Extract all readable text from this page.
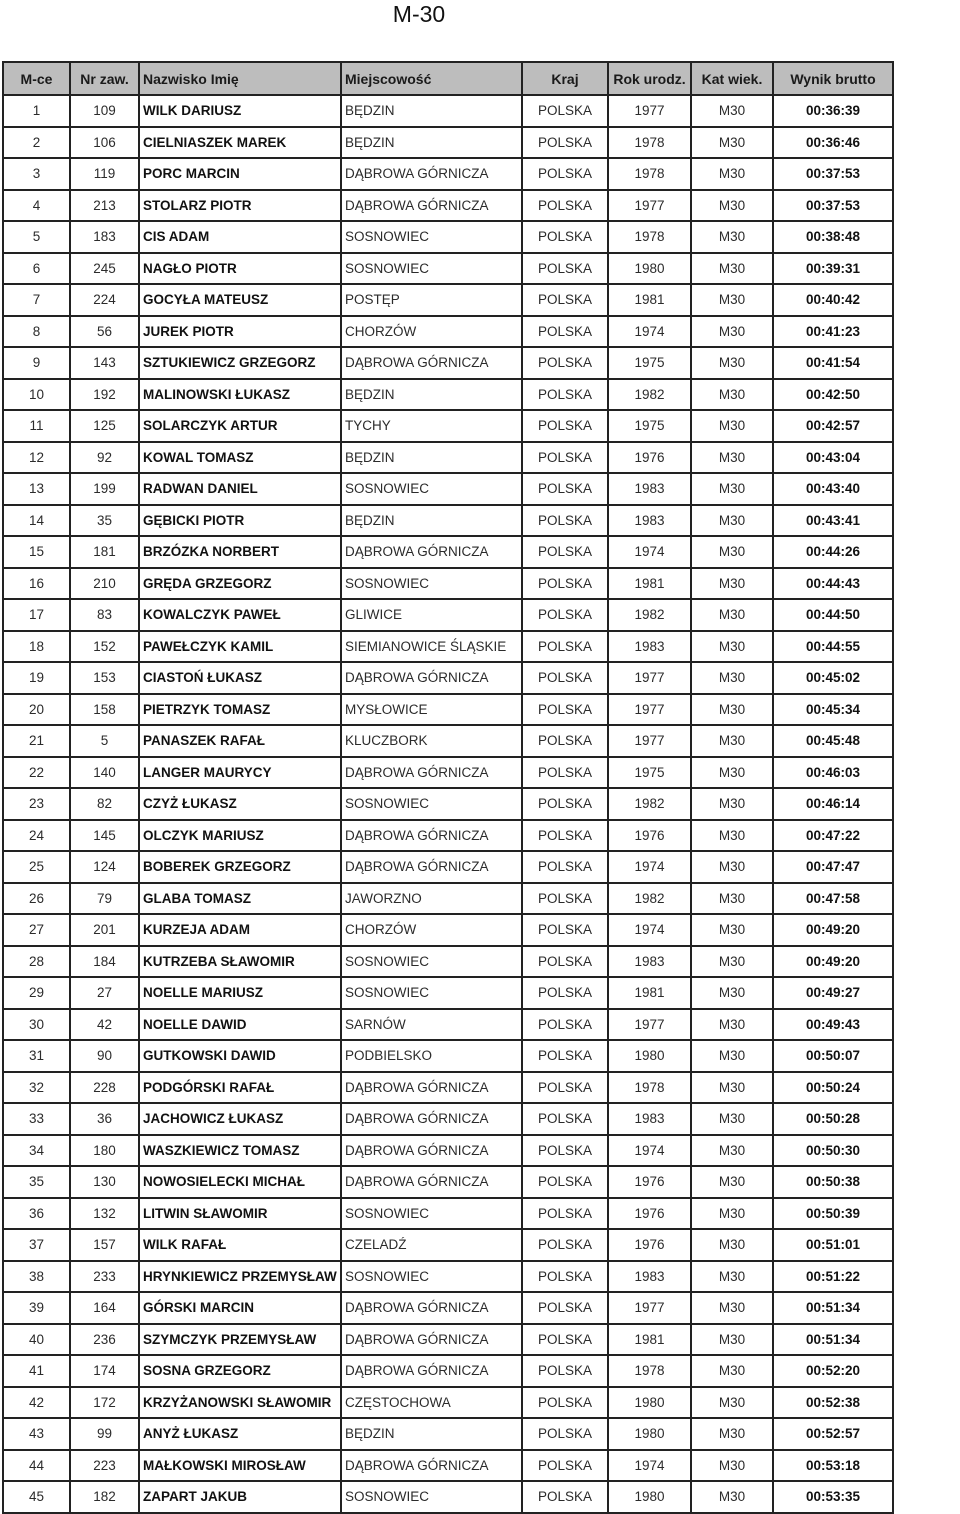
M-30
M-ce	Nr zaw.	Nazwisko Imię	Miejscowość	Kraj	Rok urodz.	Kat wiek.	Wynik brutto
1	109	WILK DARIUSZ	BĘDZIN	POLSKA	1977	M30	00:36:39
2	106	CIELNIASZEK MAREK	BĘDZIN	POLSKA	1978	M30	00:36:46
3	119	PORC MARCIN	DĄBROWA GÓRNICZA	POLSKA	1978	M30	00:37:53
4	213	STOLARZ PIOTR	DĄBROWA GÓRNICZA	POLSKA	1977	M30	00:37:53
5	183	CIS ADAM	SOSNOWIEC	POLSKA	1978	M30	00:38:48
6	245	NAGŁO PIOTR	SOSNOWIEC	POLSKA	1980	M30	00:39:31
7	224	GOCYŁA MATEUSZ	POSTĘP	POLSKA	1981	M30	00:40:42
8	56	JUREK PIOTR	CHORZÓW	POLSKA	1974	M30	00:41:23
9	143	SZTUKIEWICZ GRZEGORZ	DĄBROWA GÓRNICZA	POLSKA	1975	M30	00:41:54
10	192	MALINOWSKI ŁUKASZ	BĘDZIN	POLSKA	1982	M30	00:42:50
11	125	SOLARCZYK ARTUR	TYCHY	POLSKA	1975	M30	00:42:57
12	92	KOWAL TOMASZ	BĘDZIN	POLSKA	1976	M30	00:43:04
13	199	RADWAN DANIEL	SOSNOWIEC	POLSKA	1983	M30	00:43:40
14	35	GĘBICKI PIOTR	BĘDZIN	POLSKA	1983	M30	00:43:41
15	181	BRZÓZKA NORBERT	DĄBROWA GÓRNICZA	POLSKA	1974	M30	00:44:26
16	210	GRĘDA GRZEGORZ	SOSNOWIEC	POLSKA	1981	M30	00:44:43
17	83	KOWALCZYK PAWEŁ	GLIWICE	POLSKA	1982	M30	00:44:50
18	152	PAWEŁCZYK KAMIL	SIEMIANOWICE ŚLĄSKIE	POLSKA	1983	M30	00:44:55
19	153	CIASTOŃ ŁUKASZ	DĄBROWA GÓRNICZA	POLSKA	1977	M30	00:45:02
20	158	PIETRZYK TOMASZ	MYSŁOWICE	POLSKA	1977	M30	00:45:34
21	5	PANASZEK RAFAŁ	KLUCZBORK	POLSKA	1977	M30	00:45:48
22	140	LANGER MAURYCY	DĄBROWA GÓRNICZA	POLSKA	1975	M30	00:46:03
23	82	CZYŻ ŁUKASZ	SOSNOWIEC	POLSKA	1982	M30	00:46:14
24	145	OLCZYK MARIUSZ	DĄBROWA GÓRNICZA	POLSKA	1976	M30	00:47:22
25	124	BOBEREK GRZEGORZ	DĄBROWA GÓRNICZA	POLSKA	1974	M30	00:47:47
26	79	GLABA TOMASZ	JAWORZNO	POLSKA	1982	M30	00:47:58
27	201	KURZEJA ADAM	CHORZÓW	POLSKA	1974	M30	00:49:20
28	184	KUTRZEBA SŁAWOMIR	SOSNOWIEC	POLSKA	1983	M30	00:49:20
29	27	NOELLE MARIUSZ	SOSNOWIEC	POLSKA	1981	M30	00:49:27
30	42	NOELLE DAWID	SARNÓW	POLSKA	1977	M30	00:49:43
31	90	GUTKOWSKI DAWID	PODBIELSKO	POLSKA	1980	M30	00:50:07
32	228	PODGÓRSKI RAFAŁ	DĄBROWA GÓRNICZA	POLSKA	1978	M30	00:50:24
33	36	JACHOWICZ ŁUKASZ	DĄBROWA GÓRNICZA	POLSKA	1983	M30	00:50:28
34	180	WASZKIEWICZ TOMASZ	DĄBROWA GÓRNICZA	POLSKA	1974	M30	00:50:30
35	130	NOWOSIELECKI MICHAŁ	DĄBROWA GÓRNICZA	POLSKA	1976	M30	00:50:38
36	132	LITWIN SŁAWOMIR	SOSNOWIEC	POLSKA	1976	M30	00:50:39
37	157	WILK RAFAŁ	CZELADŹ	POLSKA	1976	M30	00:51:01
38	233	HRYNKIEWICZ PRZEMYSŁAW	SOSNOWIEC	POLSKA	1983	M30	00:51:22
39	164	GÓRSKI MARCIN	DĄBROWA GÓRNICZA	POLSKA	1977	M30	00:51:34
40	236	SZYMCZYK PRZEMYSŁAW	DĄBROWA GÓRNICZA	POLSKA	1981	M30	00:51:34
41	174	SOSNA GRZEGORZ	DĄBROWA GÓRNICZA	POLSKA	1978	M30	00:52:20
42	172	KRZYŻANOWSKI SŁAWOMIR	CZĘSTOCHOWA	POLSKA	1980	M30	00:52:38
43	99	ANYŻ ŁUKASZ	BĘDZIN	POLSKA	1980	M30	00:52:57
44	223	MAŁKOWSKI MIROSŁAW	DĄBROWA GÓRNICZA	POLSKA	1974	M30	00:53:18
45	182	ZAPART JAKUB	SOSNOWIEC	POLSKA	1980	M30	00:53:35
